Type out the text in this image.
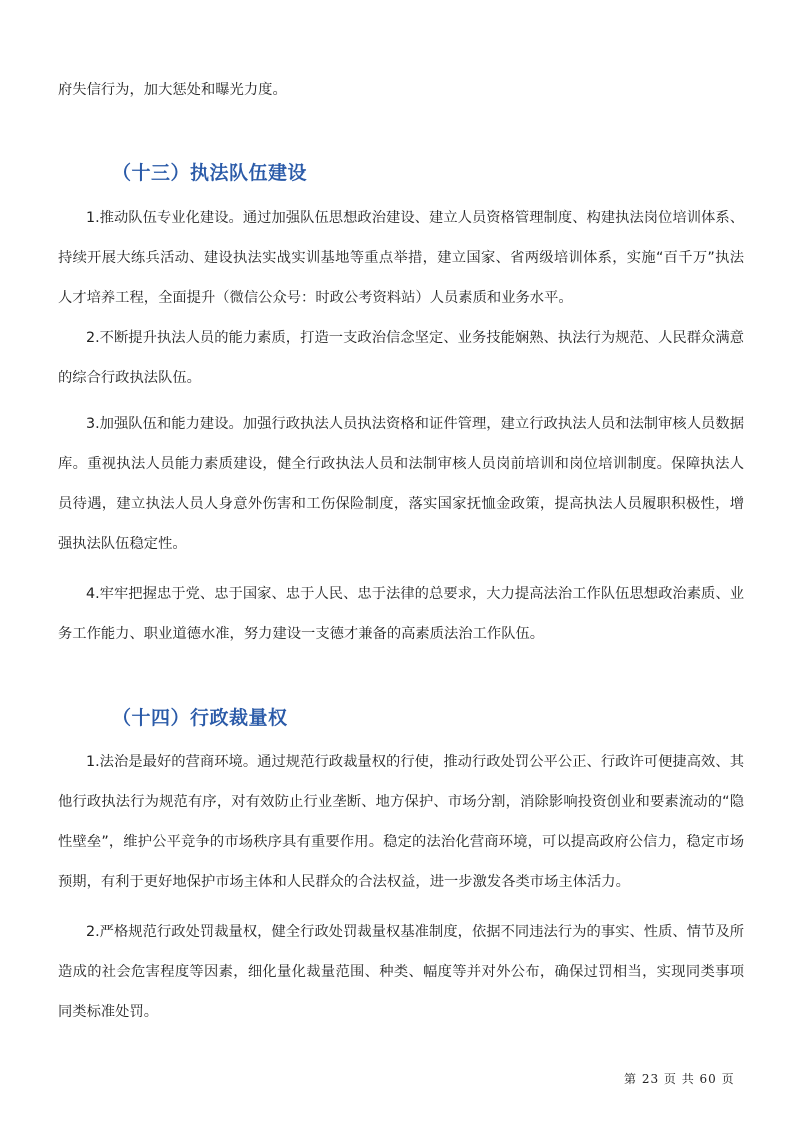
府失信行为，加大惩处和曝光力度。

（十三）执法队伍建设

1.推动队伍专业化建设。通过加强队伍思想政治建设、建立人员资格管理制度、构建执法岗位培训体系、持续开展大练兵活动、建设执法实战实训基地等重点举措，建立国家、省两级培训体系，实施“百千万”执法人才培养工程，全面提升（微信公众号：时政公考资料站）人员素质和业务水平。

2.不断提升执法人员的能力素质，打造一支政治信念坚定、业务技能娴熟、执法行为规范、人民群众满意的综合行政执法队伍。

3.加强队伍和能力建设。加强行政执法人员执法资格和证件管理，建立行政执法人员和法制审核人员数据库。重视执法人员能力素质建设，健全行政执法人员和法制审核人员岗前培训和岗位培训制度。保障执法人员待遇，建立执法人员人身意外伤害和工伤保险制度，落实国家抚恤金政策，提高执法人员履职积极性，增强执法队伍稳定性。

4.牢牢把握忠于党、忠于国家、忠于人民、忠于法律的总要求，大力提高法治工作队伍思想政治素质、业务工作能力、职业道德水准，努力建设一支德才兼备的高素质法治工作队伍。

（十四）行政裁量权

1.法治是最好的营商环境。通过规范行政裁量权的行使，推动行政处罚公平公正、行政许可便捷高效、其他行政执法行为规范有序，对有效防止行业垄断、地方保护、市场分割，消除影响投资创业和要素流动的“隐性壁垒”，维护公平竞争的市场秩序具有重要作用。稳定的法治化营商环境，可以提高政府公信力，稳定市场预期，有利于更好地保护市场主体和人民群众的合法权益，进一步激发各类市场主体活力。

2.严格规范行政处罚裁量权，健全行政处罚裁量权基准制度，依据不同违法行为的事实、性质、情节及所造成的社会危害程度等因素，细化量化裁量范围、种类、幅度等并对外公布，确保过罚相当，实现同类事项同类标准处罚。

第 23 页 共 60 页
